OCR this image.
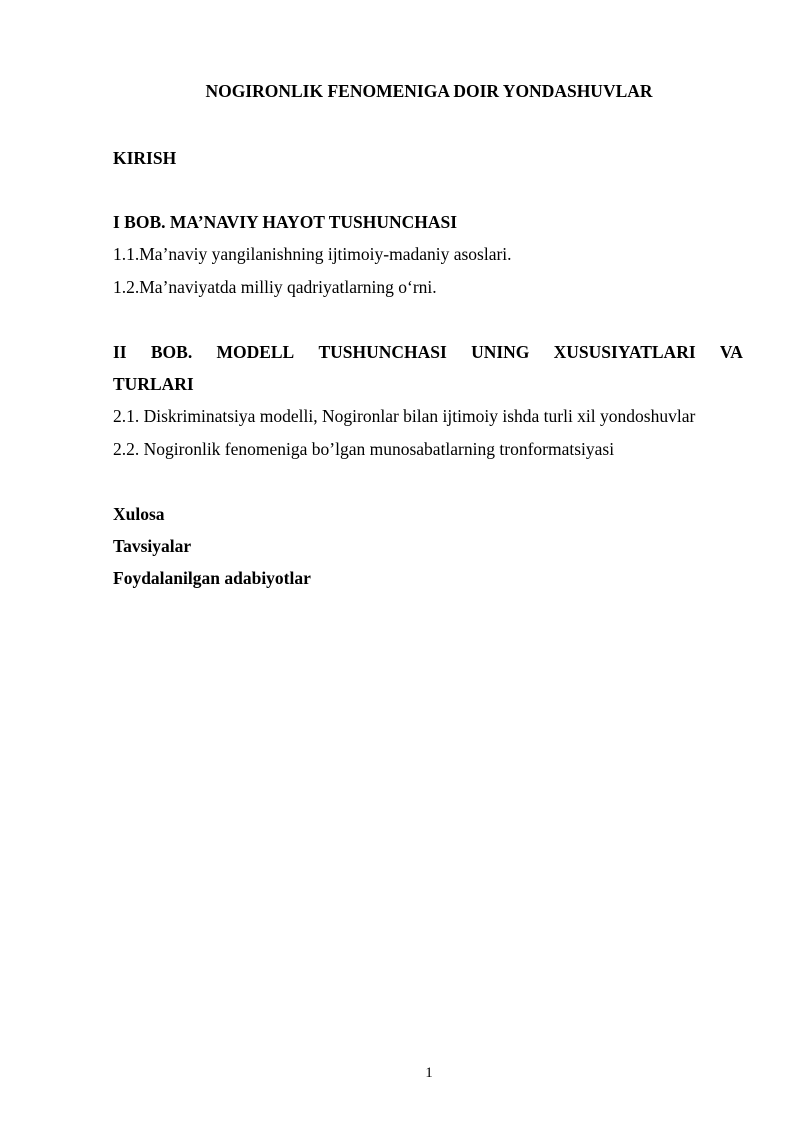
NOGIRONLIK FENOMENIGA DOIR YONDASHUVLAR
KIRISH
I BOB. MA’NAVIY HAYOT TUSHUNCHASI
1.1.Ma’naviy yangilanishning ijtimoiy-madaniy asoslari.
1.2.Ma’naviyatda milliy qadriyatlarning o‘rni.
II BOB. MODELL TUSHUNCHASI UNING XUSUSIYATLARI VA
TURLARI
2.1. Diskriminatsiya modelli, Nogironlar bilan ijtimoiy ishda turli xil yondoshuvlar
2.2. Nogironlik fenomeniga bo’lgan munosabatlarning tronformatsiyasi
Xulosa
Tavsiyalar
Foydalanilgan adabiyotlar
1
